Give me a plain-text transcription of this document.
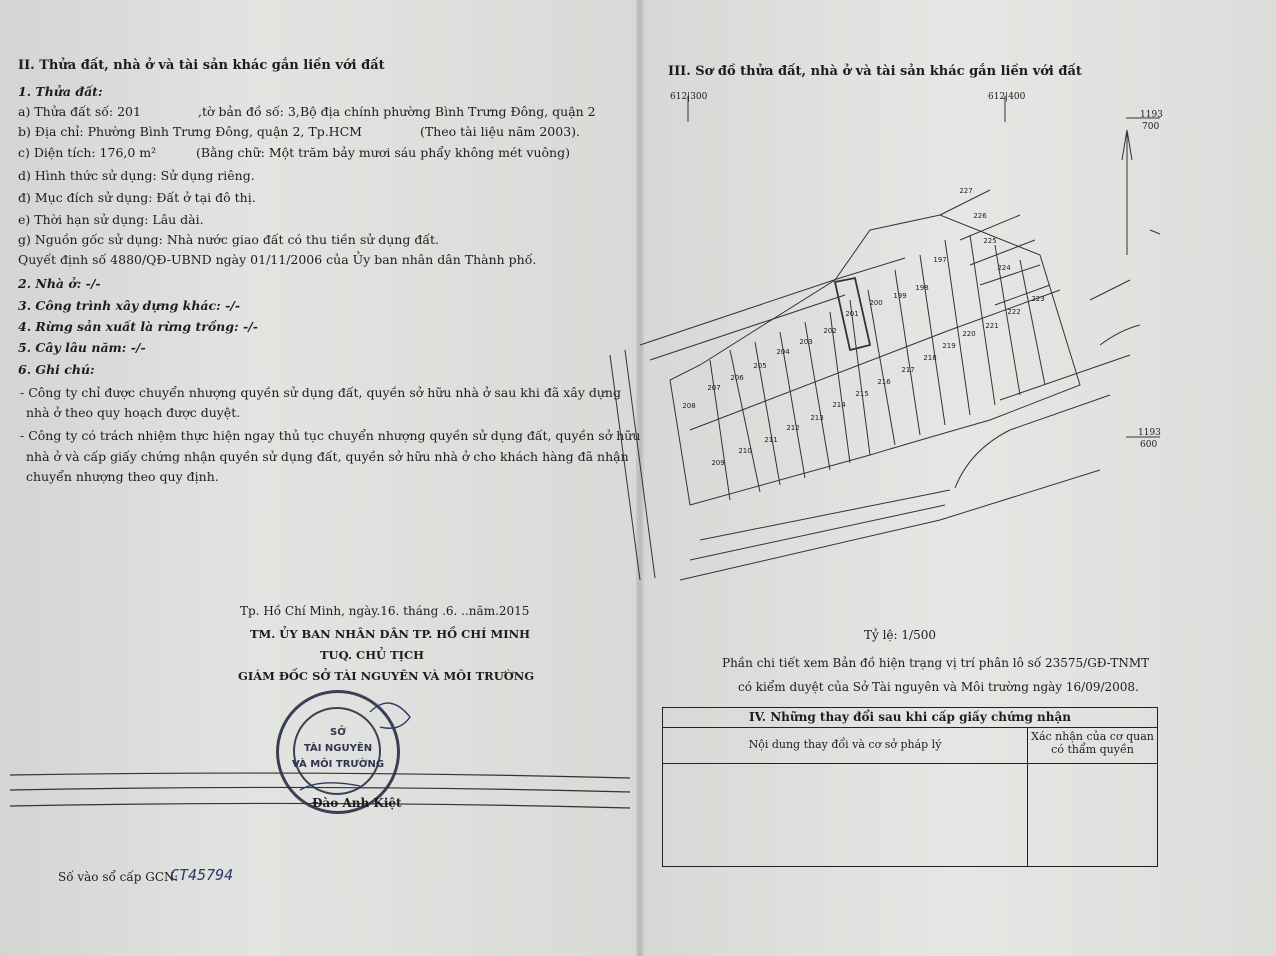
II. Thửa đất, nhà ở và tài sản khác gắn liền với đất
1. Thửa đất:
a) Thửa đất số: 201	,tờ bản đồ số: 3, Bộ địa chính phường Bình Trưng Đông, quận 2
b) Địa chỉ: Phường Bình Trưng Đông, quận 2, Tp.HCM	(Theo tài liệu năm 2003).
c) Diện tích: 176,0 m²	(Bằng chữ: Một trăm bảy mươi sáu phẩy không mét vuông)
d) Hình thức sử dụng: Sử dụng riêng.
đ) Mục đích sử dụng: Đất ở tại đô thị.
e) Thời hạn sử dụng: Lâu dài.
g) Nguồn gốc sử dụng: Nhà nước giao đất có thu tiền sử dụng đất.
Quyết định số 4880/QĐ-UBND ngày 01/11/2006 của Ủy ban nhân dân Thành phố.
2. Nhà ở: -/-
3. Công trình xây dựng khác: -/-
4. Rừng sản xuất là rừng trồng: -/-
5. Cây lâu năm: -/-
6. Ghi chú:
- Công ty chỉ được chuyển nhượng quyền sử dụng đất, quyền sở hữu nhà ở sau khi đã xây dựng
nhà ở theo quy hoạch được duyệt.
- Công ty có trách nhiệm thực hiện ngay thủ tục chuyển nhượng quyền sử dụng đất, quyền sở hữu
nhà ở và cấp giấy chứng nhận quyền sử dụng đất, quyền sở hữu nhà ở cho khách hàng đã nhận
chuyển nhượng theo quy định.
Tp. Hồ Chí Minh, ngày.16. tháng .6. ..năm.2015
TM. ỦY BAN NHÂN DÂN TP. HỒ CHÍ MINH
TUQ. CHỦ TỊCH
GIÁM ĐỐC SỞ TÀI NGUYÊN VÀ MÔI TRƯỜNG
SỞ
TÀI NGUYÊN
VÀ MÔI TRƯỜNG
Đào Anh Kiệt
Số vào sổ cấp GCN:
CT45794
III. Sơ đồ thửa đất, nhà ở và tài sản khác gắn liền với đất
612|300	612|400
1193
700
1193
600
197
198
199
200
201
202
203
204
205
206
207
208
209
210
211
212
213
214
215
216
217
218
219
220
221
222
223
224
225
226
227
Tỷ lệ: 1/500
Phần chi tiết xem Bản đồ hiện trạng vị trí phân lô số 23575/GĐ-TNMT
có kiểm duyệt của Sở Tài nguyên và Môi trường ngày 16/09/2008.
IV. Những thay đổi sau khi cấp giấy chứng nhận	
Nội dung thay đổi và cơ sở pháp lý	Xác nhận của cơ quan có thẩm quyền
